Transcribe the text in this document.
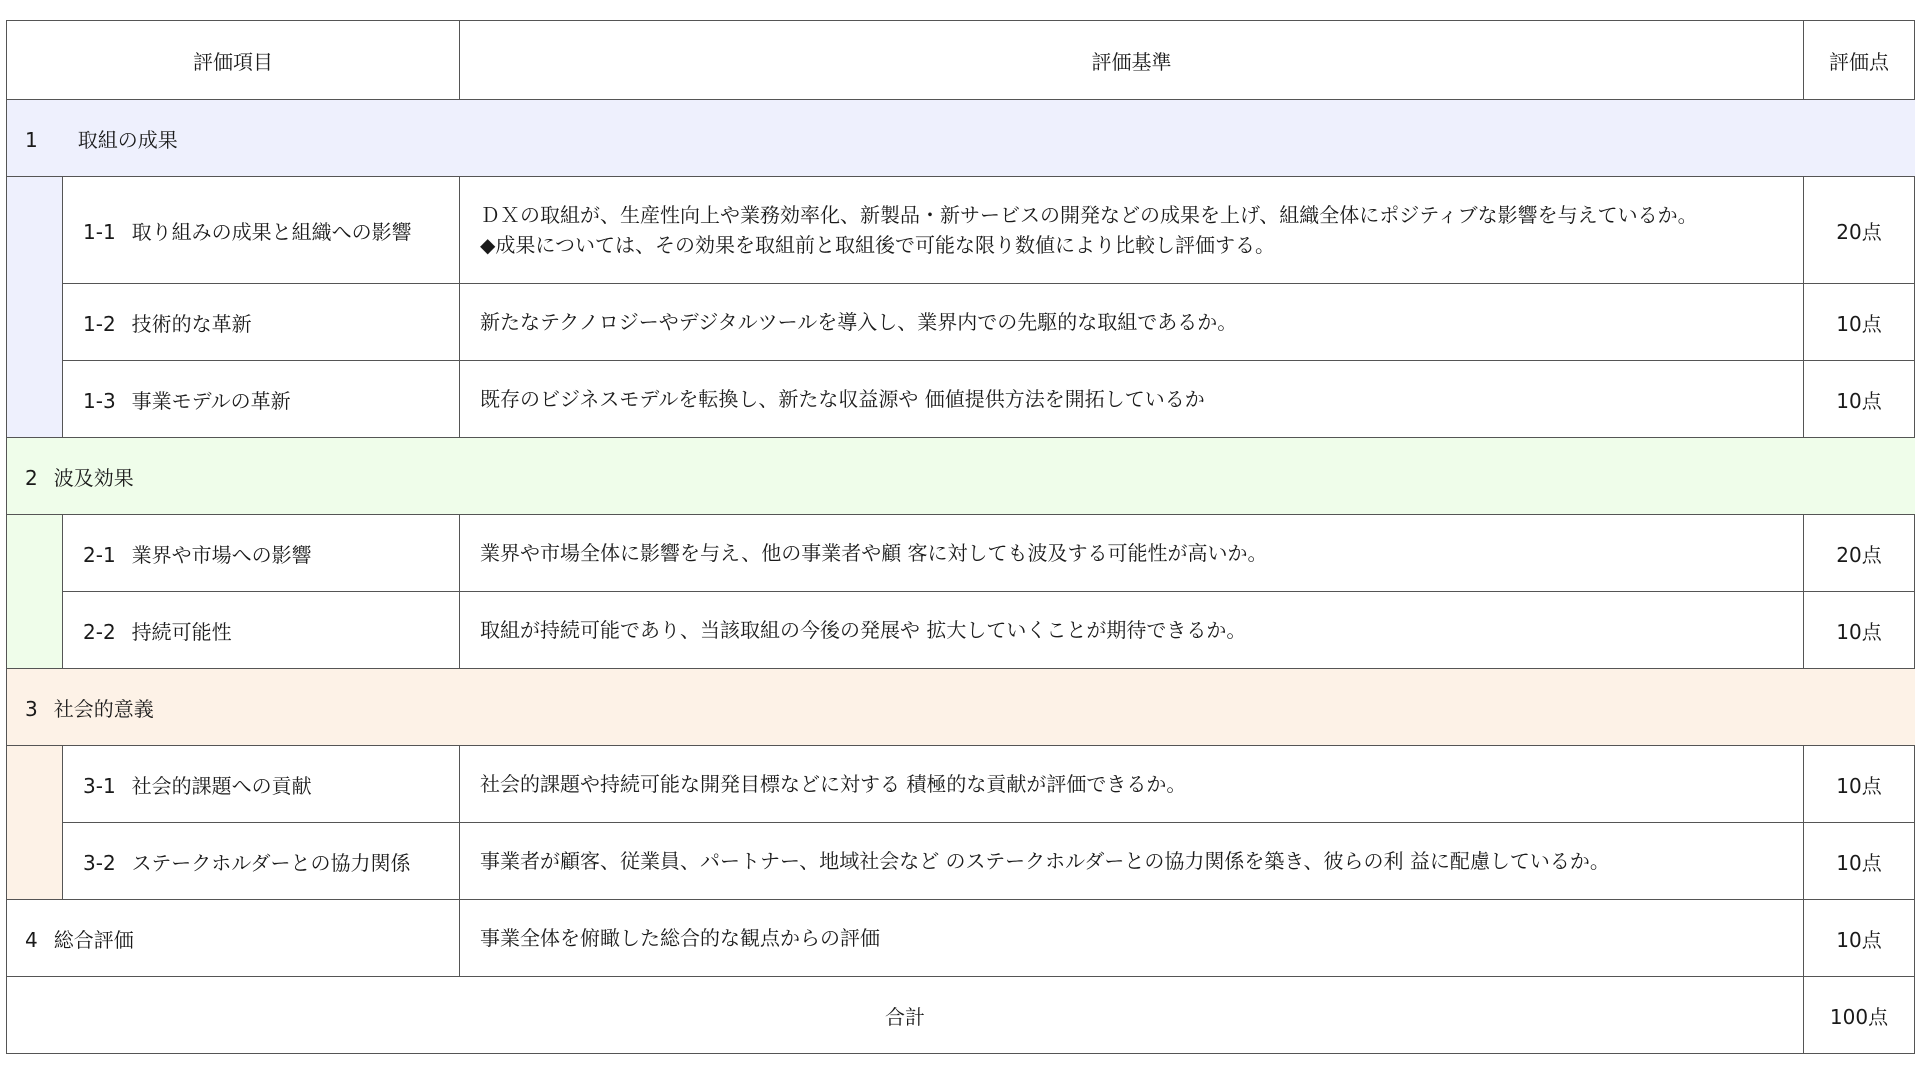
評価項目		評価基準	評価点
1 取組の成果			
	1-1 取り組みの成果と組織への影響	ＤＸの取組が、生産性向上や業務効率化、新製品・新サービスの開発などの成果を上げ、組織全体にポジティブな影響を与えているか。
◆成果については、その効果を取組前と取組後で可能な限り数値により比較し評価する。	20点
	1-2 技術的な革新	新たなテクノロジーやデジタルツールを導入し、業界内での先駆的な取組であるか。	10点
	1-3 事業モデルの革新	既存のビジネスモデルを転換し、新たな収益源や 価値提供方法を開拓しているか	10点
2 波及効果			
	2-1 業界や市場への影響	業界や市場全体に影響を与え、他の事業者や顧 客に対しても波及する可能性が高いか。	20点
	2-2 持続可能性	取組が持続可能であり、当該取組の今後の発展や 拡大していくことが期待できるか。	10点
3 社会的意義			
	3-1 社会的課題への貢献	社会的課題や持続可能な開発目標などに対する 積極的な貢献が評価できるか。	10点
	3-2 ステークホルダーとの協力関係	事業者が顧客、従業員、パートナー、地域社会など のステークホルダーとの協力関係を築き、彼らの利 益に配慮しているか。	10点
4 総合評価		事業全体を俯瞰した総合的な観点からの評価	10点
合計			100点
